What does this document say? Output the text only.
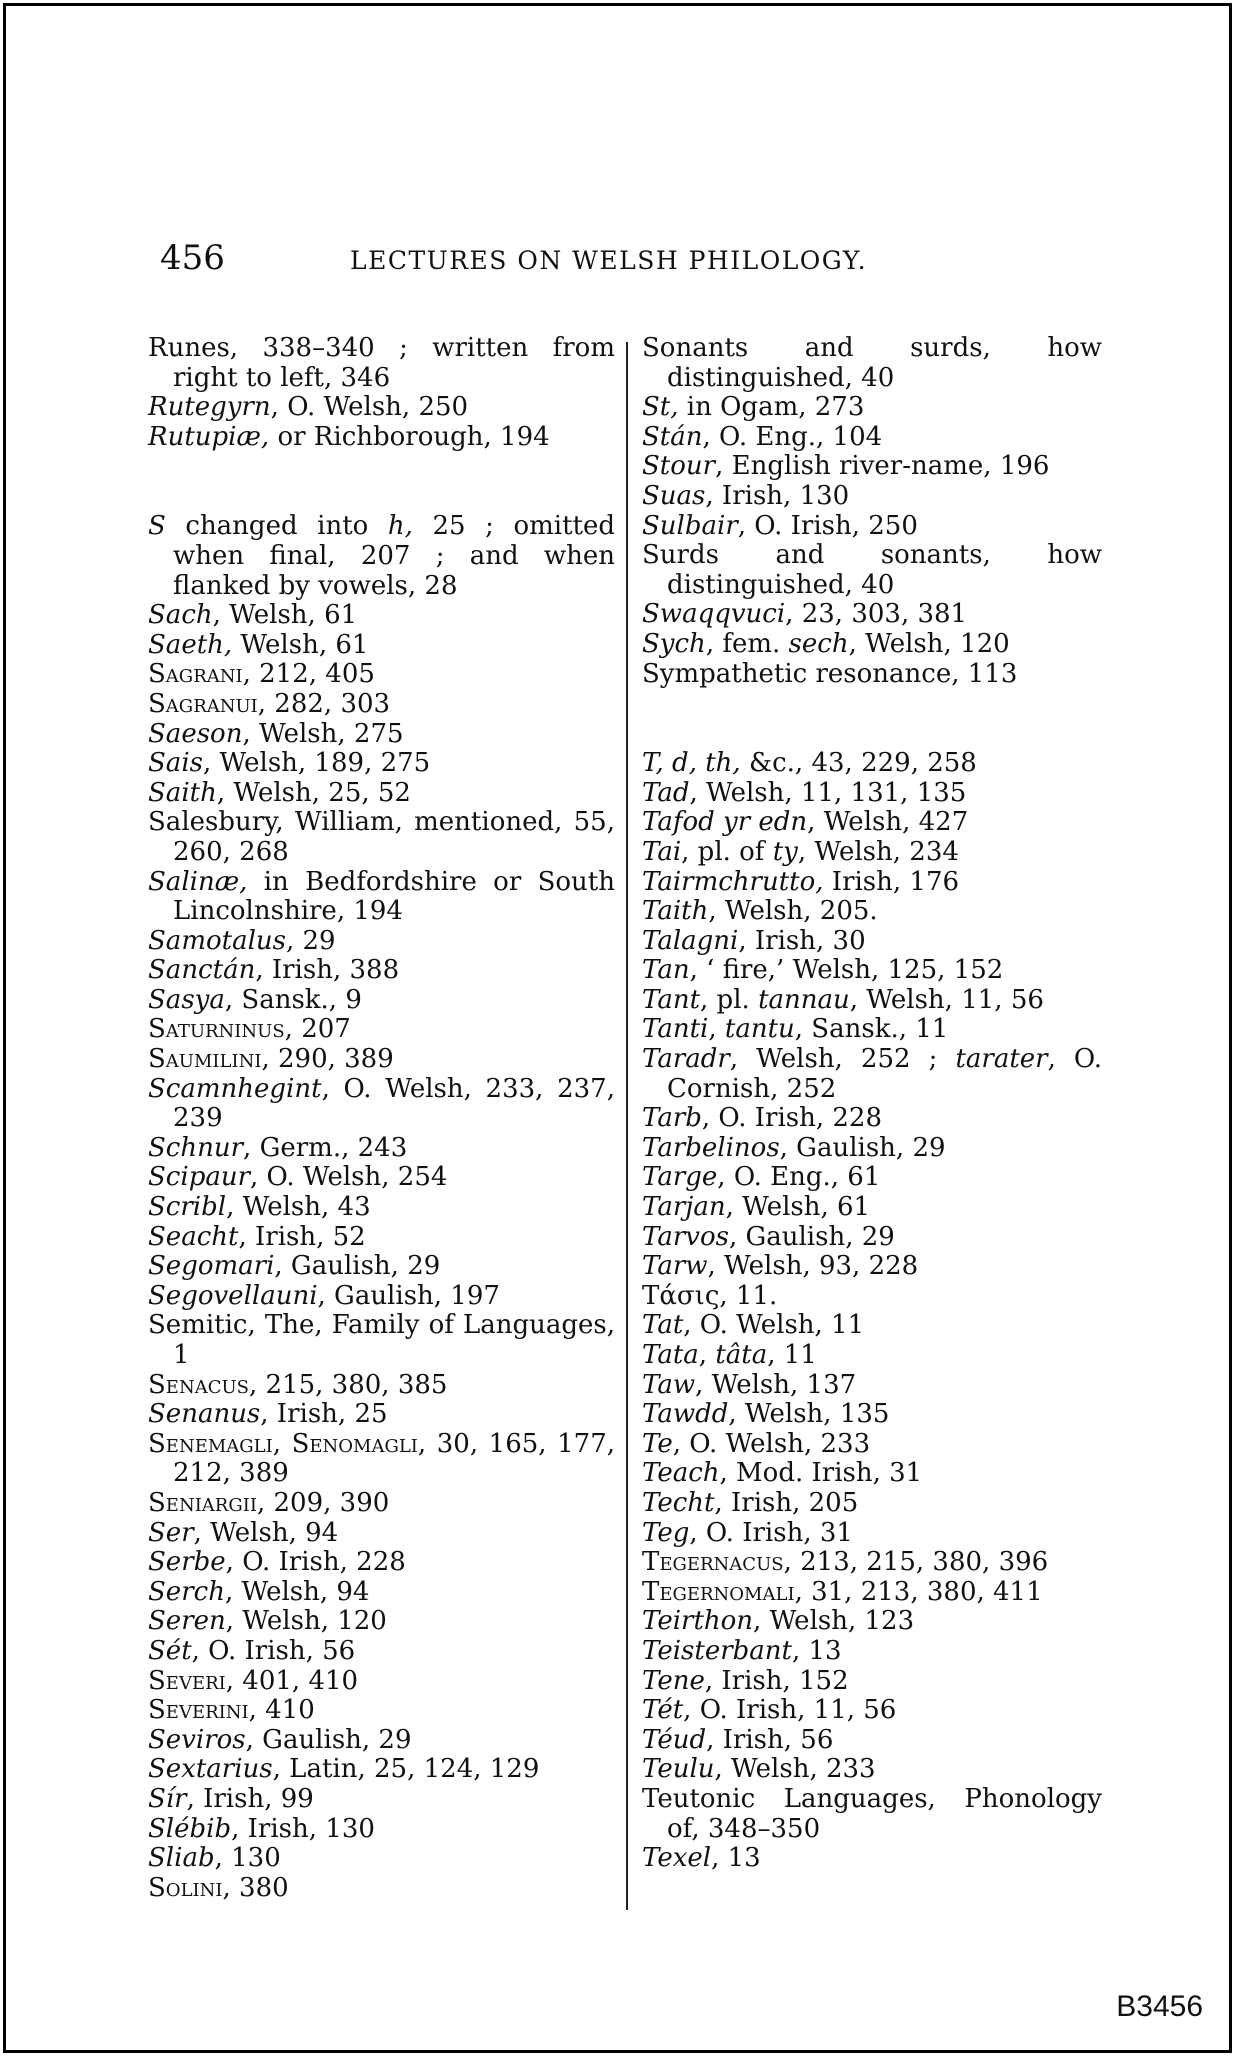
456	LECTURES ON WELSH PHILOLOGY.
Runes, 338–340 ; written from right to left, 346
Rutegyrn, O. Welsh, 250
Rutupiæ, or Richborough, 194
S changed into h, 25 ; omitted when final, 207 ; and when flanked by vowels, 28
Sach, Welsh, 61
Saeth, Welsh, 61
Sagrani, 212, 405
Sagranui, 282, 303
Saeson, Welsh, 275
Sais, Welsh, 189, 275
Saith, Welsh, 25, 52
Salesbury, William, mentioned, 55, 260, 268
Salinæ, in Bedfordshire or South Lincolnshire, 194
Samotalus, 29
Sanctán, Irish, 388
Sasya, Sansk., 9
Saturninus, 207
Saumilini, 290, 389
Scamnhegint, O. Welsh, 233, 237, 239
Schnur, Germ., 243
Scipaur, O. Welsh, 254
Scribl, Welsh, 43
Seacht, Irish, 52
Segomari, Gaulish, 29
Segovellauni, Gaulish, 197
Semitic, The, Family of Languages, 1
Senacus, 215, 380, 385
Senanus, Irish, 25
Senemagli, Senomagli, 30, 165, 177, 212, 389
Seniargii, 209, 390
Ser, Welsh, 94
Serbe, O. Irish, 228
Serch, Welsh, 94
Seren, Welsh, 120
Sét, O. Irish, 56
Severi, 401, 410
Severini, 410
Seviros, Gaulish, 29
Sextarius, Latin, 25, 124, 129
Sír, Irish, 99
Slébib, Irish, 130
Sliab, 130
Solini, 380
Sonants and surds, how distinguished, 40
St, in Ogam, 273
Stán, O. Eng., 104
Stour, English river-name, 196
Suas, Irish, 130
Sulbair, O. Irish, 250
Surds and sonants, how distinguished, 40
Swaqqvuci, 23, 303, 381
Sych, fem. sech, Welsh, 120
Sympathetic resonance, 113
T, d, th, &c., 43, 229, 258
Tad, Welsh, 11, 131, 135
Tafod yr edn, Welsh, 427
Tai, pl. of ty, Welsh, 234
Tairmchrutto, Irish, 176
Taith, Welsh, 205.
Talagni, Irish, 30
Tan, ‘ fire,’ Welsh, 125, 152
Tant, pl. tannau, Welsh, 11, 56
Tanti, tantu, Sansk., 11
Taradr, Welsh, 252 ; tarater, O. Cornish, 252
Tarb, O. Irish, 228
Tarbelinos, Gaulish, 29
Targe, O. Eng., 61
Tarjan, Welsh, 61
Tarvos, Gaulish, 29
Tarw, Welsh, 93, 228
Τάσις, 11.
Tat, O. Welsh, 11
Tata, tâta, 11
Taw, Welsh, 137
Tawdd, Welsh, 135
Te, O. Welsh, 233
Teach, Mod. Irish, 31
Techt, Irish, 205
Teg, O. Irish, 31
Tegernacus, 213, 215, 380, 396
Tegernomali, 31, 213, 380, 411
Teirthon, Welsh, 123
Teisterbant, 13
Tene, Irish, 152
Tét, O. Irish, 11, 56
Téud, Irish, 56
Teulu, Welsh, 233
Teutonic Languages, Phonology of, 348–350
Texel, 13
B3456
